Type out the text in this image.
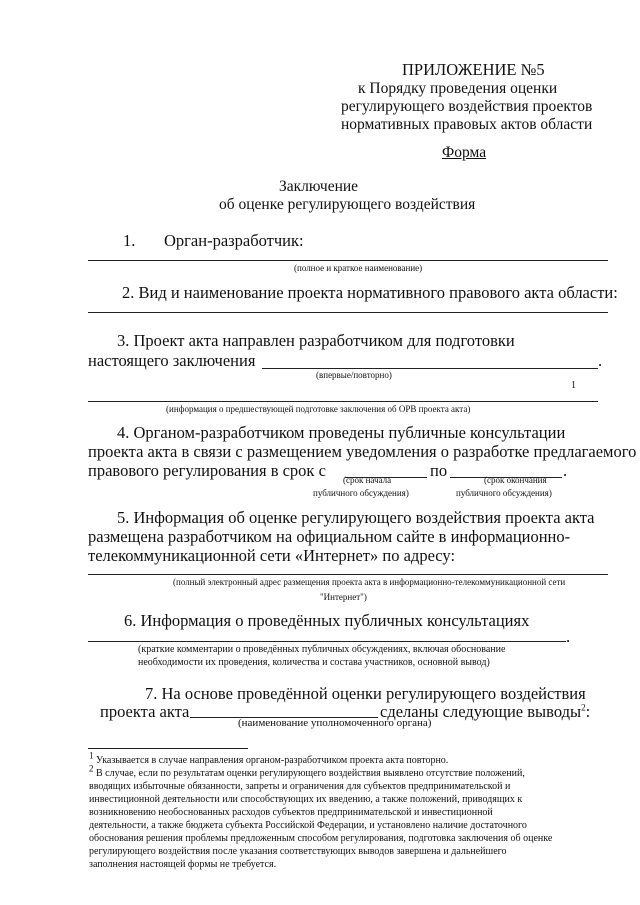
ПРИЛОЖЕНИЕ №5
к Порядку проведения оценки
регулирующего воздействия проектов
нормативных правовых актов области
Форма
Заключение
об оценке регулирующего воздействия
1. Орган-разработчик:
(полное и краткое наименование)
2. Вид и наименование проекта нормативного правового акта области:
3. Проект акта направлен разработчиком для подготовки
настоящего заключения	.
(впервые/повторно)
1
(информация о предшествующей подготовке заключения об ОРВ проекта акта)
4. Органом-разработчиком проведены публичные консультации
проекта акта в связи с размещением уведомления о разработке предлагаемого
правового регулирования в срок с	по	.
(срок начала	(срок окончания
публичного обсуждения)	публичного обсуждения)
5. Информация об оценке регулирующего воздействия проекта акта
размещена разработчиком на официальном сайте в информационно-
телекоммуникационной сети «Интернет» по адресу:
(полный электронный адрес размещения проекта акта в информационно-телекоммуникационной сети
"Интернет")
6. Информация о проведённых публичных консультациях
.
(краткие комментарии о проведённых публичных обсуждениях, включая обоснование
необходимости их проведения, количества и состава участников, основной вывод)
7. На основе проведённой оценки регулирующего воздействия
проекта акта	сделаны следующие выводы$^2$:
(наименование уполномоченного органа)
$^1$ Указывается в случае направления органом-разработчиком проекта акта повторно.
$^2$ В случае, если по результатам оценки регулирующего воздействия выявлено отсутствие положений,
вводящих избыточные обязанности, запреты и ограничения для субъектов предпринимательской и
инвестиционной деятельности или способствующих их введению, а также положений, приводящих к
возникновению необоснованных расходов субъектов предпринимательской и инвестиционной
деятельности, а также бюджета субъекта Российской Федерации, и установлено наличие достаточного
обоснования решения проблемы предложенным способом регулирования, подготовка заключения об оценке
регулирующего воздействия после указания соответствующих выводов завершена и дальнейшего
заполнения настоящей формы не требуется.
